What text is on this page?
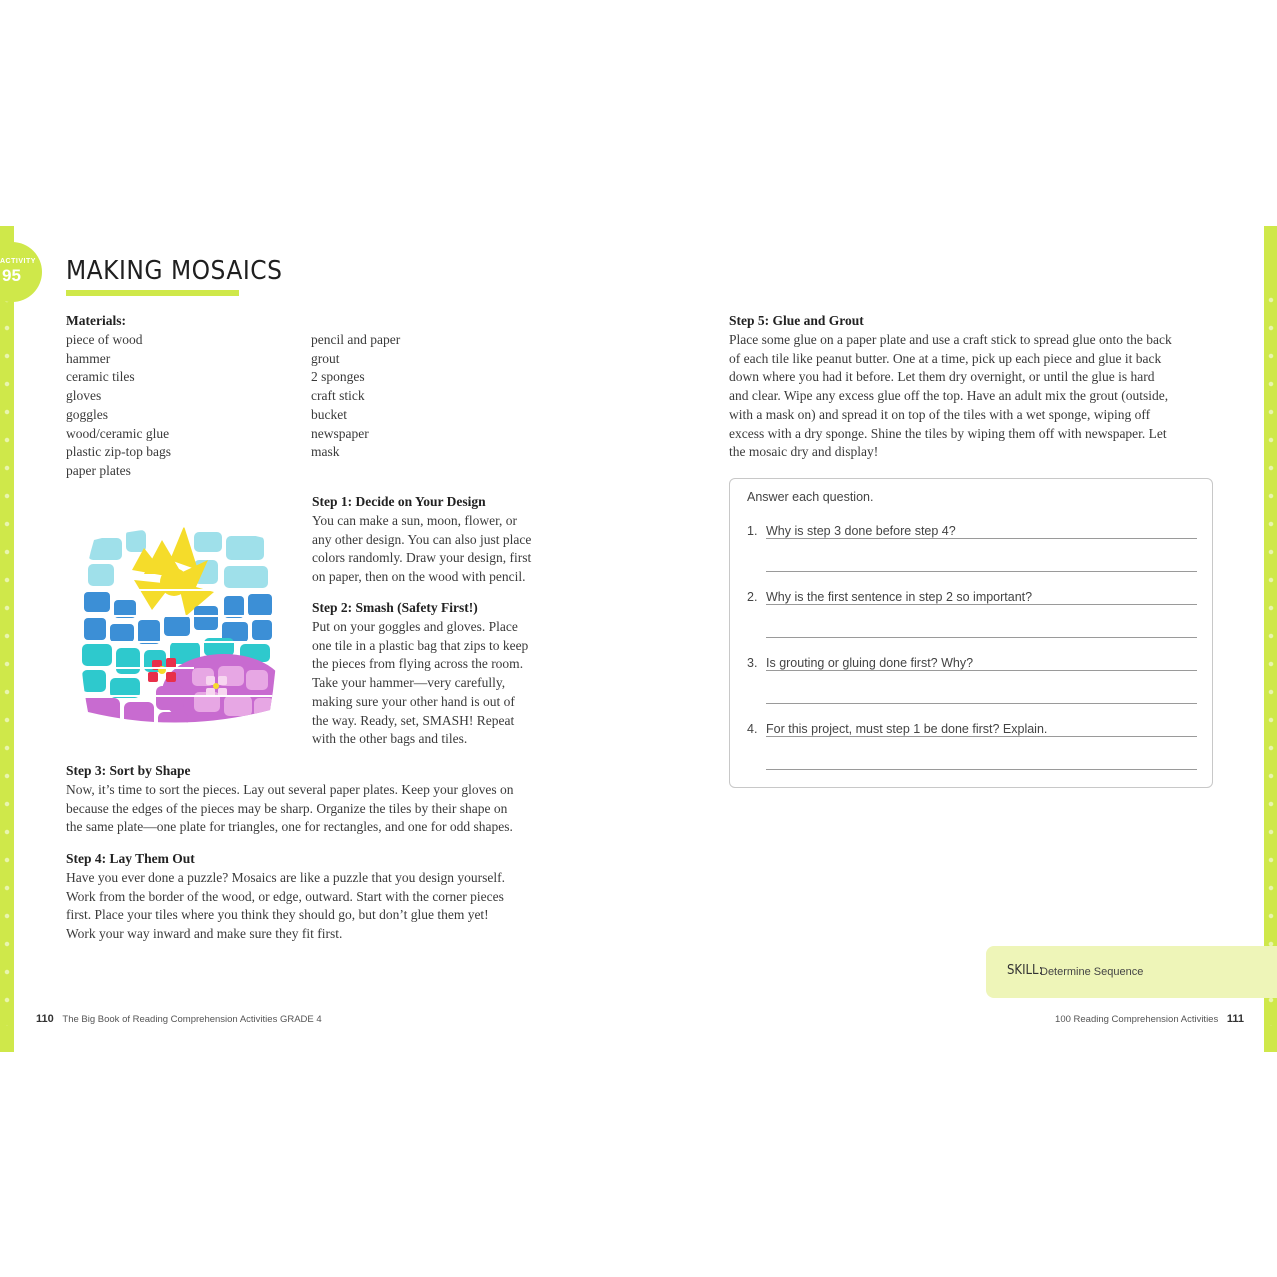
ACTIVITY
95 MAKING MOSAICS
Materials:
piece of wood
hammer
ceramic tiles
gloves
goggles
wood/ceramic glue
plastic zip-top bags
paper plates
pencil and paper
grout
2 sponges
craft stick
bucket
newspaper
mask
Step 1: Decide on Your Design
You can make a sun, moon, flower, or
any other design. You can also just place
colors randomly. Draw your design, first
on paper, then on the wood with pencil.
Step 2: Smash (Safety First!)
Put on your goggles and gloves. Place
one tile in a plastic bag that zips to keep
the pieces from flying across the room.
Take your hammer—very carefully,
making sure your other hand is out of
the way. Ready, set, SMASH! Repeat
with the other bags and tiles.
Step 3: Sort by Shape
Now, it’s time to sort the pieces. Lay out several paper plates. Keep your gloves on
because the edges of the pieces may be sharp. Organize the tiles by their shape on
the same plate—one plate for triangles, one for rectangles, and one for odd shapes.
Step 4: Lay Them Out
Have you ever done a puzzle? Mosaics are like a puzzle that you design yourself.
Work from the border of the wood, or edge, outward. Start with the corner pieces
first. Place your tiles where you think they should go, but don’t glue them yet!
Work your way inward and make sure they fit first.
Step 5: Glue and Grout
Place some glue on a paper plate and use a craft stick to spread glue onto the back
of each tile like peanut butter. One at a time, pick up each piece and glue it back
down where you had it before. Let them dry overnight, or until the glue is hard
and clear. Wipe any excess glue off the top. Have an adult mix the grout (outside,
with a mask on) and spread it on top of the tiles with a wet sponge, wiping off
excess with a dry sponge. Shine the tiles by wiping them off with newspaper. Let
the mosaic dry and display!
Answer each question.
1. Why is step 3 done before step 4?
2. Why is the first sentence in step 2 so important?
3. Is grouting or gluing done first? Why?
4. For this project, must step 1 be done first? Explain.
SKILL:
Determine Sequence
110 The Big Book of Reading Comprehension Activities GRADE 4	100 Reading Comprehension Activities 111
